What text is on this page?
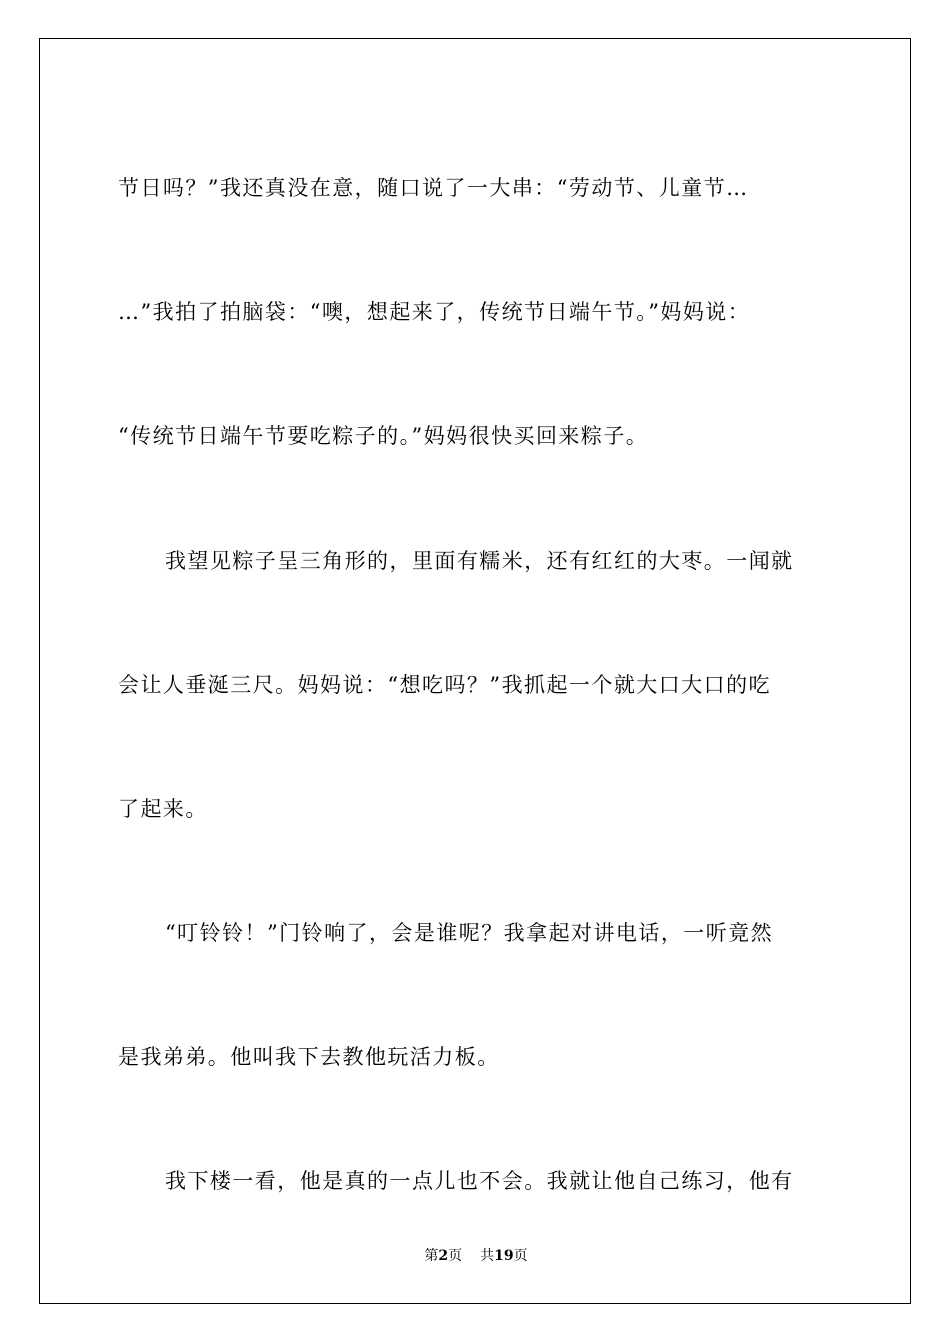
节日吗？”我还真没在意，随口说了一大串：“劳动节、儿童节…

…”我拍了拍脑袋：“噢，想起来了，传统节日端午节。”妈妈说：

“传统节日端午节要吃粽子的。”妈妈很快买回来粽子。

我望见粽子呈三角形的，里面有糯米，还有红红的大枣。一闻就

会让人垂涎三尺。妈妈说：“想吃吗？”我抓起一个就大口大口的吃

了起来。

“叮铃铃！”门铃响了，会是谁呢？我拿起对讲电话，一听竟然

是我弟弟。他叫我下去教他玩活力板。

我下楼一看，他是真的一点儿也不会。我就让他自己练习，他有

第2页 共19页
